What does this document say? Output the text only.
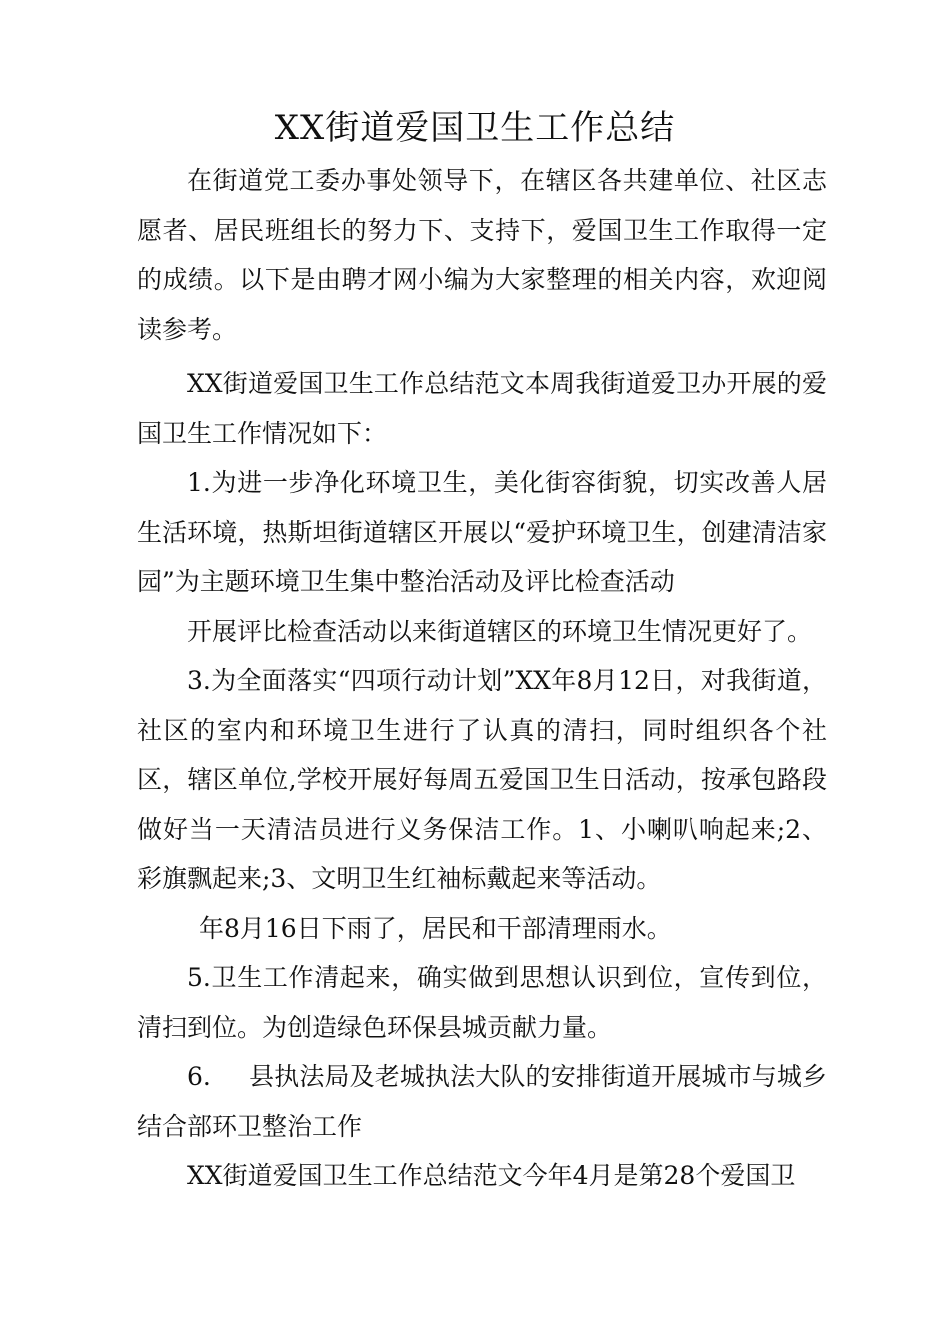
XX街道爱国卫生工作总结

在街道党工委办事处领导下，在辖区各共建单位、社区志愿者、居民班组长的努力下、支持下，爱国卫生工作取得一定的成绩。以下是由聘才网小编为大家整理的相关内容，欢迎阅读参考。

XX街道爱国卫生工作总结范文本周我街道爱卫办开展的爱国卫生工作情况如下：

1.为进一步净化环境卫生，美化街容街貌，切实改善人居生活环境，热斯坦街道辖区开展以“爱护环境卫生，创建清洁家园”为主题环境卫生集中整治活动及评比检查活动

开展评比检查活动以来街道辖区的环境卫生情况更好了。

3.为全面落实“四项行动计划”XX年8月12日，对我街道，社区的室内和环境卫生进行了认真的清扫，同时组织各个社区，辖区单位,学校开展好每周五爱国卫生日活动，按承包路段做好当一天清洁员进行义务保洁工作。1、小喇叭响起来;2、彩旗飘起来;3、文明卫生红袖标戴起来等活动。

年8月16日下雨了，居民和干部清理雨水。

5.卫生工作清起来，确实做到思想认识到位，宣传到位，清扫到位。为创造绿色环保县城贡献力量。

6. 县执法局及老城执法大队的安排街道开展城市与城乡结合部环卫整治工作

XX街道爱国卫生工作总结范文今年4月是第28个爱国卫
